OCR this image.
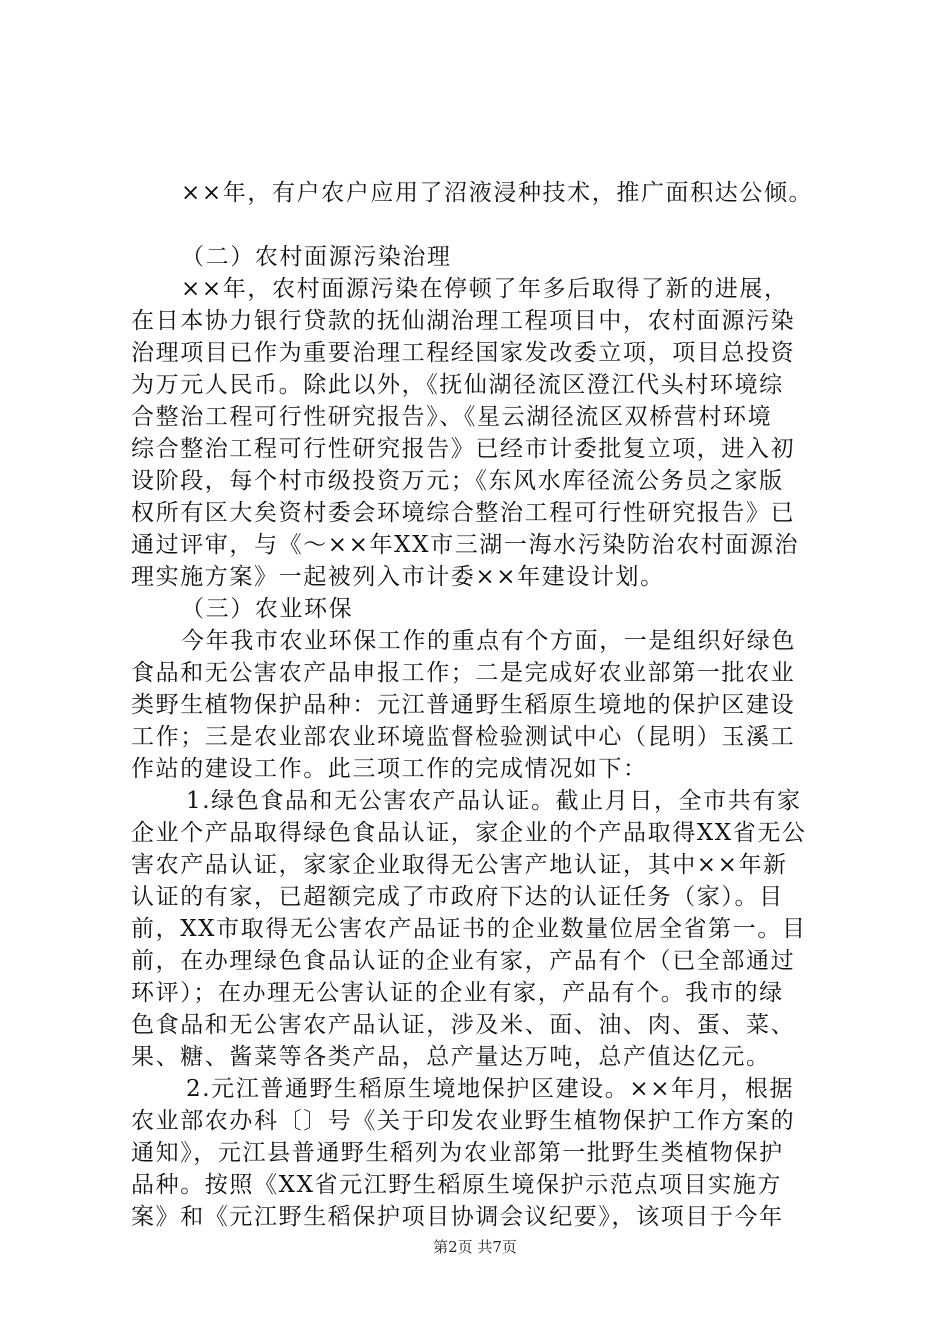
××年，有户农户应用了沼液浸种技术，推广面积达公倾。
（二）农村面源污染治理
××年，农村面源污染在停顿了年多后取得了新的进展，
在日本协力银行贷款的抚仙湖治理工程项目中，农村面源污染
治理项目已作为重要治理工程经国家发改委立项，项目总投资
为万元人民币。除此以外，《抚仙湖径流区澄江代头村环境综
合整治工程可行性研究报告》、《星云湖径流区双桥营村环境
综合整治工程可行性研究报告》已经市计委批复立项，进入初
设阶段，每个村市级投资万元；《东风水库径流公务员之家版
权所有区大矣资村委会环境综合整治工程可行性研究报告》已
通过评审，与《～××年XX市三湖一海水污染防治农村面源治
理实施方案》一起被列入市计委××年建设计划。
（三）农业环保
今年我市农业环保工作的重点有个方面，一是组织好绿色
食品和无公害农产品申报工作；二是完成好农业部第一批农业
类野生植物保护品种：元江普通野生稻原生境地的保护区建设
工作；三是农业部农业环境监督检验测试中心（昆明）玉溪工
作站的建设工作。此三项工作的完成情况如下：
1.绿色食品和无公害农产品认证。截止月日，全市共有家
企业个产品取得绿色食品认证，家企业的个产品取得XX省无公
害农产品认证，家家企业取得无公害产地认证，其中××年新
认证的有家，已超额完成了市政府下达的认证任务（家）。目
前，XX市取得无公害农产品证书的企业数量位居全省第一。目
前，在办理绿色食品认证的企业有家，产品有个（已全部通过
环评）；在办理无公害认证的企业有家，产品有个。我市的绿
色食品和无公害农产品认证，涉及米、面、油、肉、蛋、菜、
果、糖、酱菜等各类产品，总产量达万吨，总产值达亿元。
2.元江普通野生稻原生境地保护区建设。××年月，根据
农业部农办科〔〕号《关于印发农业野生植物保护工作方案的
通知》，元江县普通野生稻列为农业部第一批野生类植物保护
品种。按照《XX省元江野生稻原生境保护示范点项目实施方
案》和《元江野生稻保护项目协调会议纪要》，该项目于今年
第2页 共7页
